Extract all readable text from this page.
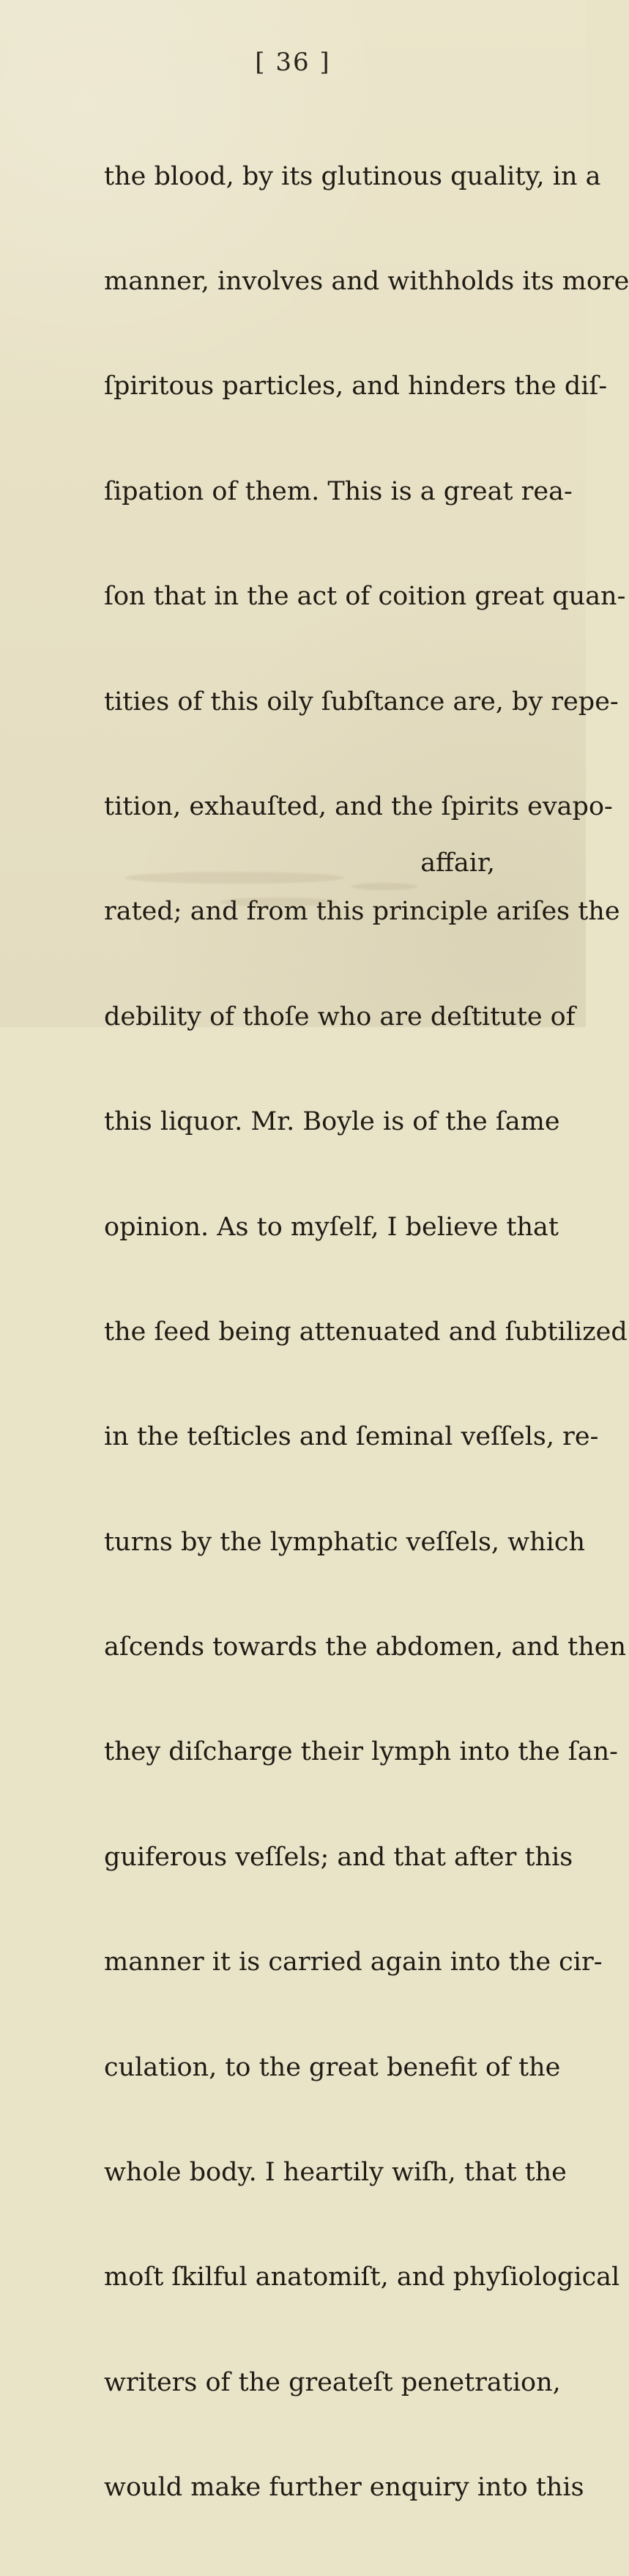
[ 36 ]

the blood, by its glutinous quality, in a

manner, involves and withholds its more

ſpiritous particles, and hinders the diſ-

ſipation of them. This is a great rea-

ſon that in the act of coition great quan-

tities of this oily ſubſtance are, by repe-

tition, exhauſted, and the ſpirits evapo-

rated; and from this principle ariſes the

debility of thoſe who are deſtitute of

this liquor. Mr. Boyle is of the ſame

opinion. As to myſelf, I believe that

the ſeed being attenuated and ſubtilized

in the teſticles and ſeminal veſſels, re-

turns by the lymphatic veſſels, which

aſcends towards the abdomen, and then

they diſcharge their lymph into the ſan-

guiferous veſſels; and that after this

manner it is carried again into the cir-

culation, to the great benefit of the

whole body. I heartily wiſh, that the

moſt ſkilful anatomiſt, and phyſiological

writers of the greateſt penetration,

would make further enquiry into this

affair,
